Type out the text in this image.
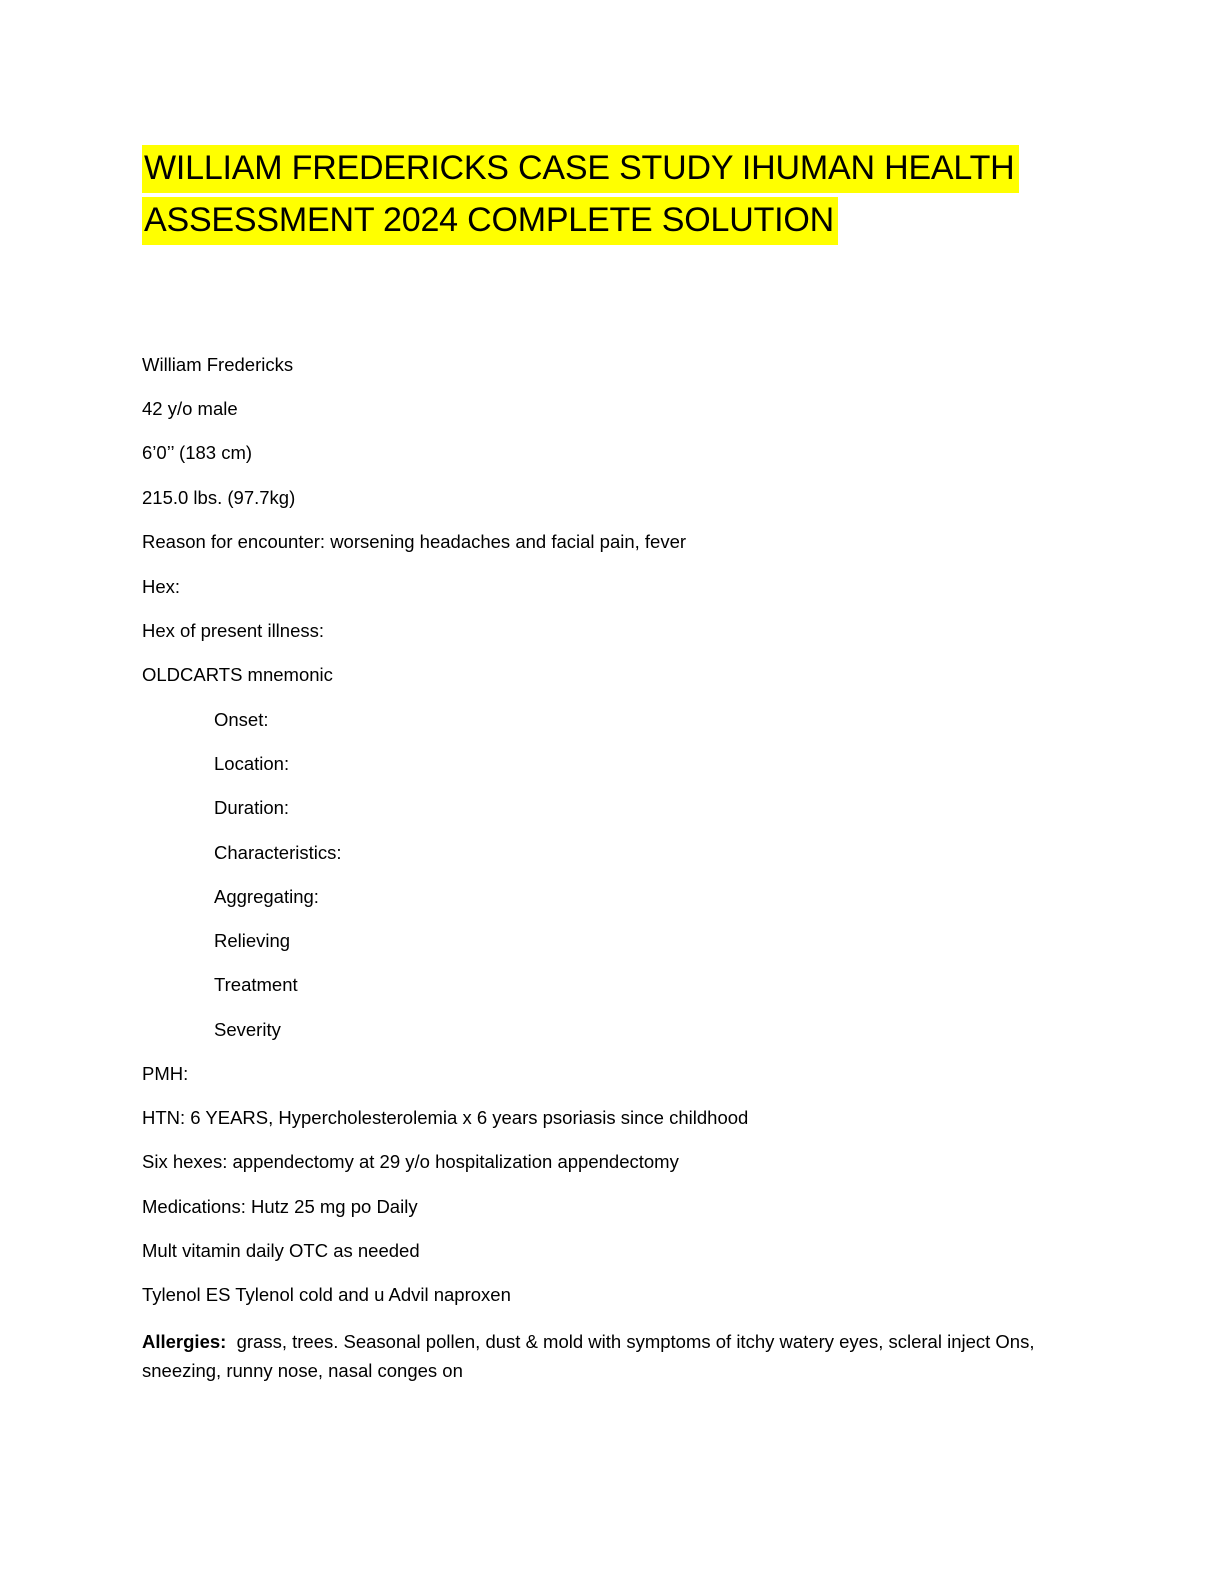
WILLIAM FREDERICKS CASE STUDY IHUMAN HEALTH
ASSESSMENT 2024 COMPLETE SOLUTION

William Fredericks

42 y/o male

6’0’’ (183 cm)

215.0 lbs. (97.7kg)

Reason for encounter: worsening headaches and facial pain, fever

Hex:

Hex of present illness:

OLDCARTS mnemonic

Onset:

Location:

Duration:

Characteristics:

Aggregating:

Relieving

Treatment

Severity

PMH:

HTN: 6 YEARS, Hypercholesterolemia x 6 years psoriasis since childhood

Six hexes: appendectomy at 29 y/o hospitalization appendectomy

Medications: Hutz 25 mg po Daily

Mult vitamin daily OTC as needed

Tylenol ES Tylenol cold and u Advil naproxen

Allergies: grass, trees. Seasonal pollen, dust & mold with symptoms of itchy watery eyes, scleral inject Ons, sneezing, runny nose, nasal conges on
